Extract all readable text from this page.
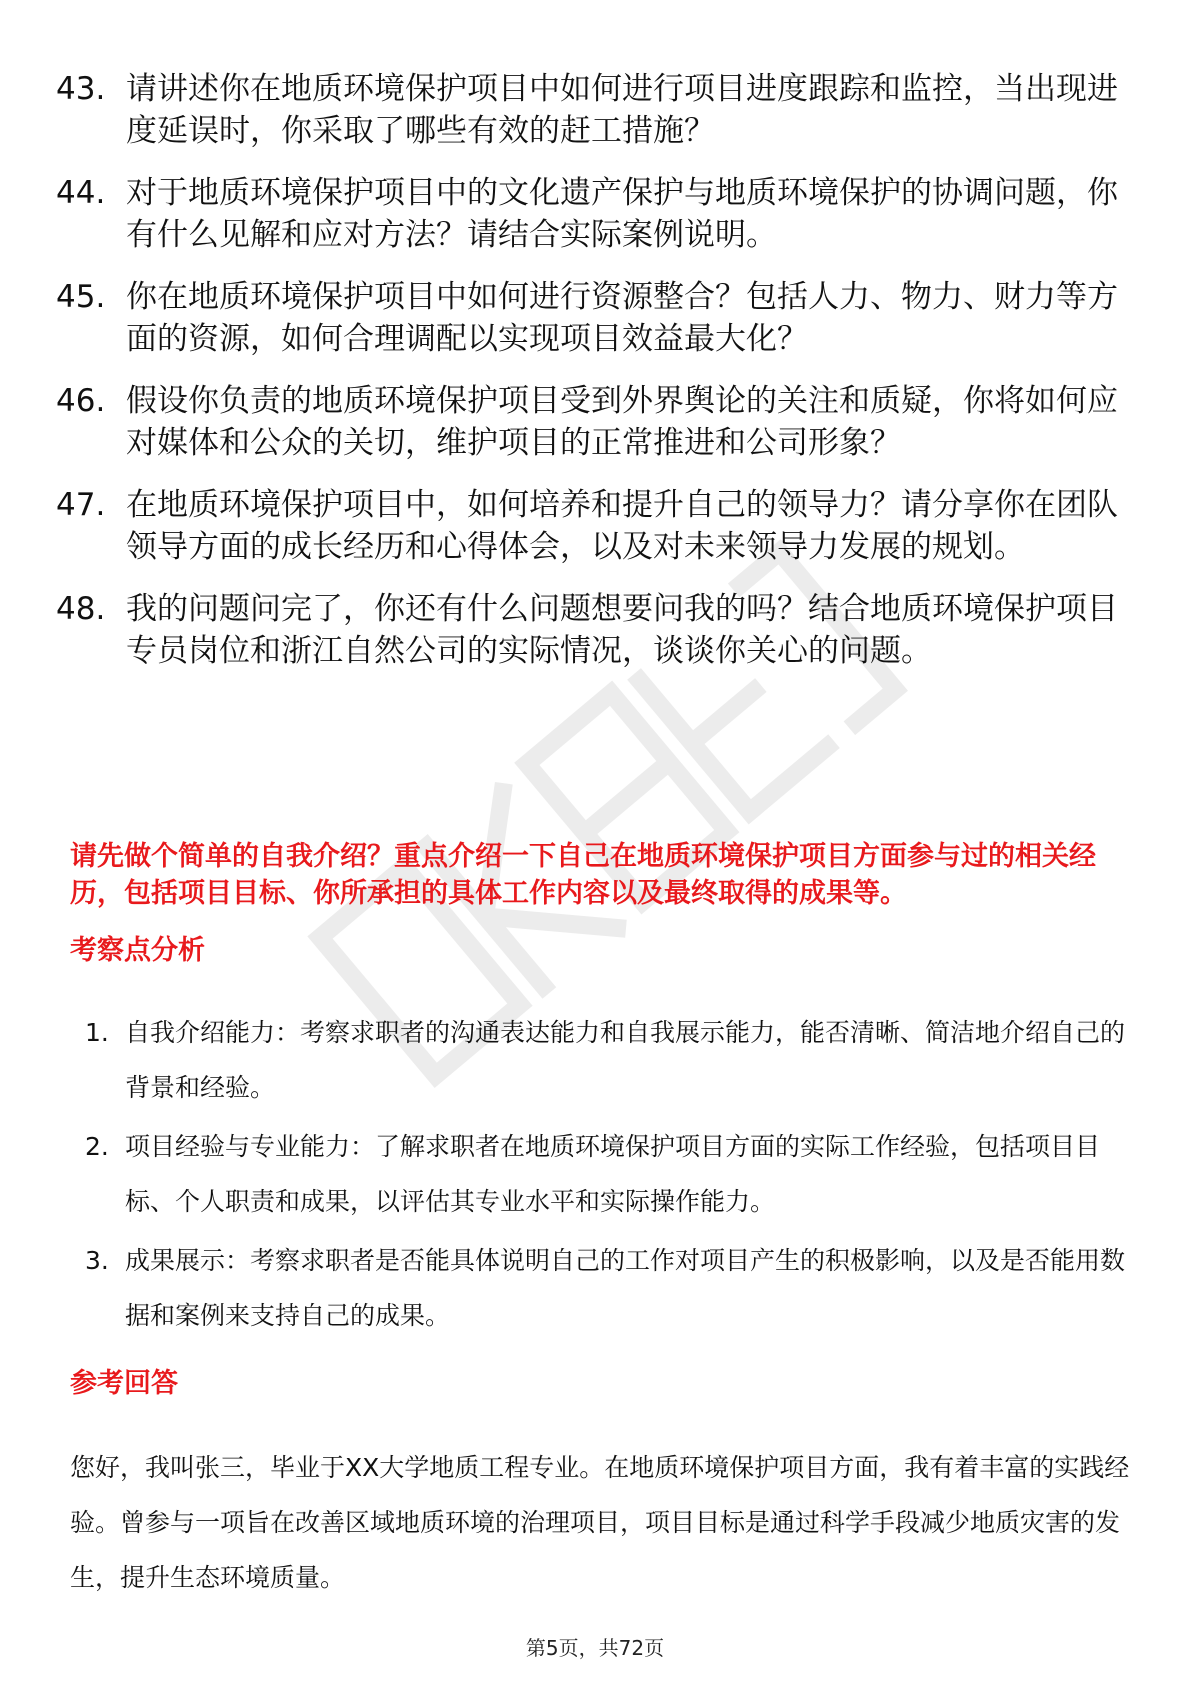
43. 请讲述你在地质环境保护项目中如何进行项目进度跟踪和监控，当出现进度延误时，你采取了哪些有效的赶工措施？
44. 对于地质环境保护项目中的文化遗产保护与地质环境保护的协调问题，你有什么见解和应对方法？请结合实际案例说明。
45. 你在地质环境保护项目中如何进行资源整合？包括人力、物力、财力等方面的资源，如何合理调配以实现项目效益最大化？
46. 假设你负责的地质环境保护项目受到外界舆论的关注和质疑，你将如何应对媒体和公众的关切，维护项目的正常推进和公司形象？
47. 在地质环境保护项目中，如何培养和提升自己的领导力？请分享你在团队领导方面的成长经历和心得体会，以及对未来领导力发展的规划。
48. 我的问题问完了，你还有什么问题想要问我的吗？结合地质环境保护项目专员岗位和浙江自然公司的实际情况，谈谈你关心的问题。

请先做个简单的自我介绍？重点介绍一下自己在地质环境保护项目方面参与过的相关经历，包括项目目标、你所承担的具体工作内容以及最终取得的成果等。

考察点分析
1. 自我介绍能力：考察求职者的沟通表达能力和自我展示能力，能否清晰、简洁地介绍自己的背景和经验。
2. 项目经验与专业能力：了解求职者在地质环境保护项目方面的实际工作经验，包括项目目标、个人职责和成果，以评估其专业水平和实际操作能力。
3. 成果展示：考察求职者是否能具体说明自己的工作对项目产生的积极影响，以及是否能用数据和案例来支持自己的成果。
参考回答

您好，我叫张三，毕业于XX大学地质工程专业。在地质环境保护项目方面，我有着丰富的实践经验。曾参与一项旨在改善区域地质环境的治理项目，项目目标是通过科学手段减少地质灾害的发生，提升生态环境质量。

第5页，共72页
